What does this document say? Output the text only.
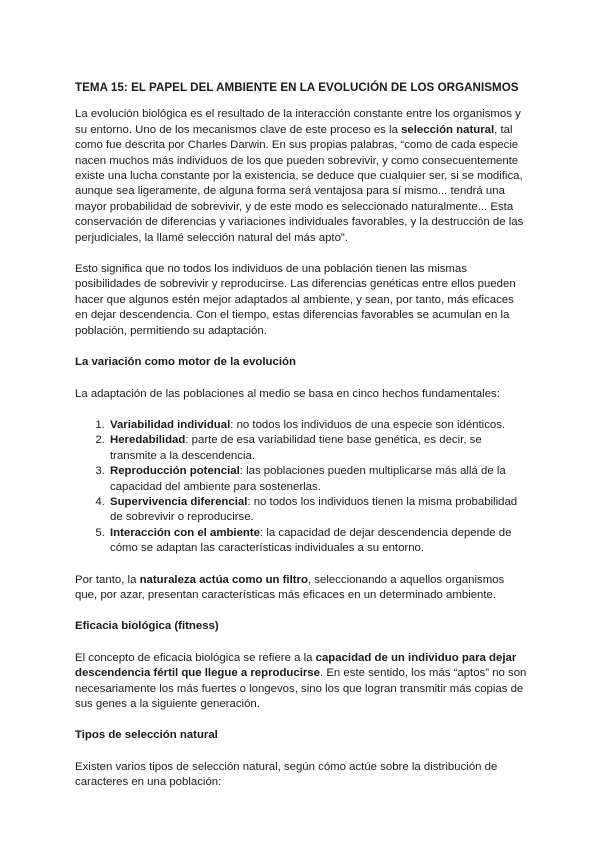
TEMA 15: EL PAPEL DEL AMBIENTE EN LA EVOLUCIÓN DE LOS ORGANISMOS

La evolución biológica es el resultado de la interacción constante entre los organismos y su entorno. Uno de los mecanismos clave de este proceso es la selección natural, tal como fue descrita por Charles Darwin. En sus propias palabras, “como de cada especie nacen muchos más individuos de los que pueden sobrevivir, y como consecuentemente existe una lucha constante por la existencia, se deduce que cualquier ser, si se modifica, aunque sea ligeramente, de alguna forma será ventajosa para sí mismo... tendrá una mayor probabilidad de sobrevivir, y de este modo es seleccionado naturalmente... Esta conservación de diferencias y variaciones individuales favorables, y la destrucción de las perjudiciales, la llamé selección natural del más apto”.

Esto significa que no todos los individuos de una población tienen las mismas posibilidades de sobrevivir y reproducirse. Las diferencias genéticas entre ellos pueden hacer que algunos estén mejor adaptados al ambiente, y sean, por tanto, más eficaces en dejar descendencia. Con el tiempo, estas diferencias favorables se acumulan en la población, permitiendo su adaptación.

La variación como motor de la evolución

La adaptación de las poblaciones al medio se basa en cinco hechos fundamentales:

1. Variabilidad individual: no todos los individuos de una especie son idénticos.
2. Heredabilidad: parte de esa variabilidad tiene base genética, es decir, se transmite a la descendencia.
3. Reproducción potencial: las poblaciones pueden multiplicarse más allá de la capacidad del ambiente para sostenerlas.
4. Supervivencia diferencial: no todos los individuos tienen la misma probabilidad de sobrevivir o reproducirse.
5. Interacción con el ambiente: la capacidad de dejar descendencia depende de cómo se adaptan las características individuales a su entorno.

Por tanto, la naturaleza actúa como un filtro, seleccionando a aquellos organismos que, por azar, presentan características más eficaces en un determinado ambiente.

Eficacia biológica (fitness)

El concepto de eficacia biológica se refiere a la capacidad de un individuo para dejar descendencia fértil que llegue a reproducirse. En este sentido, los más “aptos” no son necesariamente los más fuertes o longevos, sino los que logran transmitir más copias de sus genes a la siguiente generación.

Tipos de selección natural

Existen varios tipos de selección natural, según cómo actúe sobre la distribución de caracteres en una población:
